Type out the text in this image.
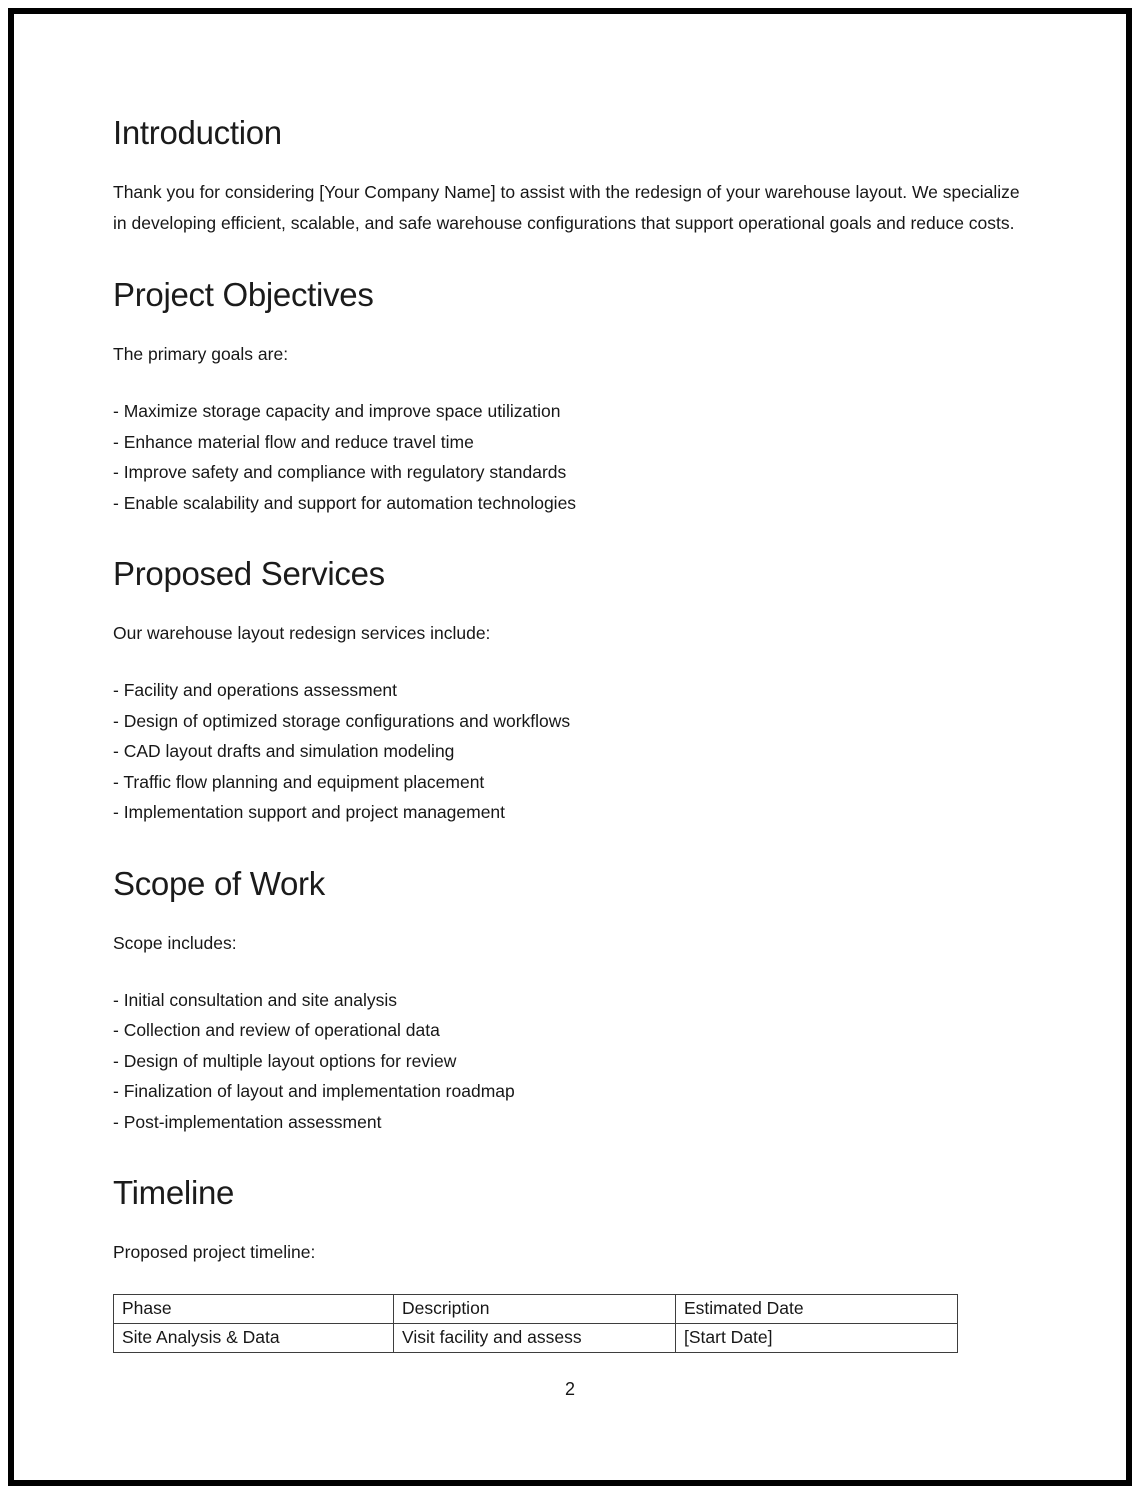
Introduction
Thank you for considering [Your Company Name] to assist with the redesign of your warehouse layout. We specialize in developing efficient, scalable, and safe warehouse configurations that support operational goals and reduce costs.
Project Objectives
The primary goals are:
- Maximize storage capacity and improve space utilization
- Enhance material flow and reduce travel time
- Improve safety and compliance with regulatory standards
- Enable scalability and support for automation technologies
Proposed Services
Our warehouse layout redesign services include:
- Facility and operations assessment
- Design of optimized storage configurations and workflows
- CAD layout drafts and simulation modeling
- Traffic flow planning and equipment placement
- Implementation support and project management
Scope of Work
Scope includes:
- Initial consultation and site analysis
- Collection and review of operational data
- Design of multiple layout options for review
- Finalization of layout and implementation roadmap
- Post-implementation assessment
Timeline
Proposed project timeline:
Phase	Description	Estimated Date
Site Analysis & Data	Visit facility and assess	[Start Date]
2
